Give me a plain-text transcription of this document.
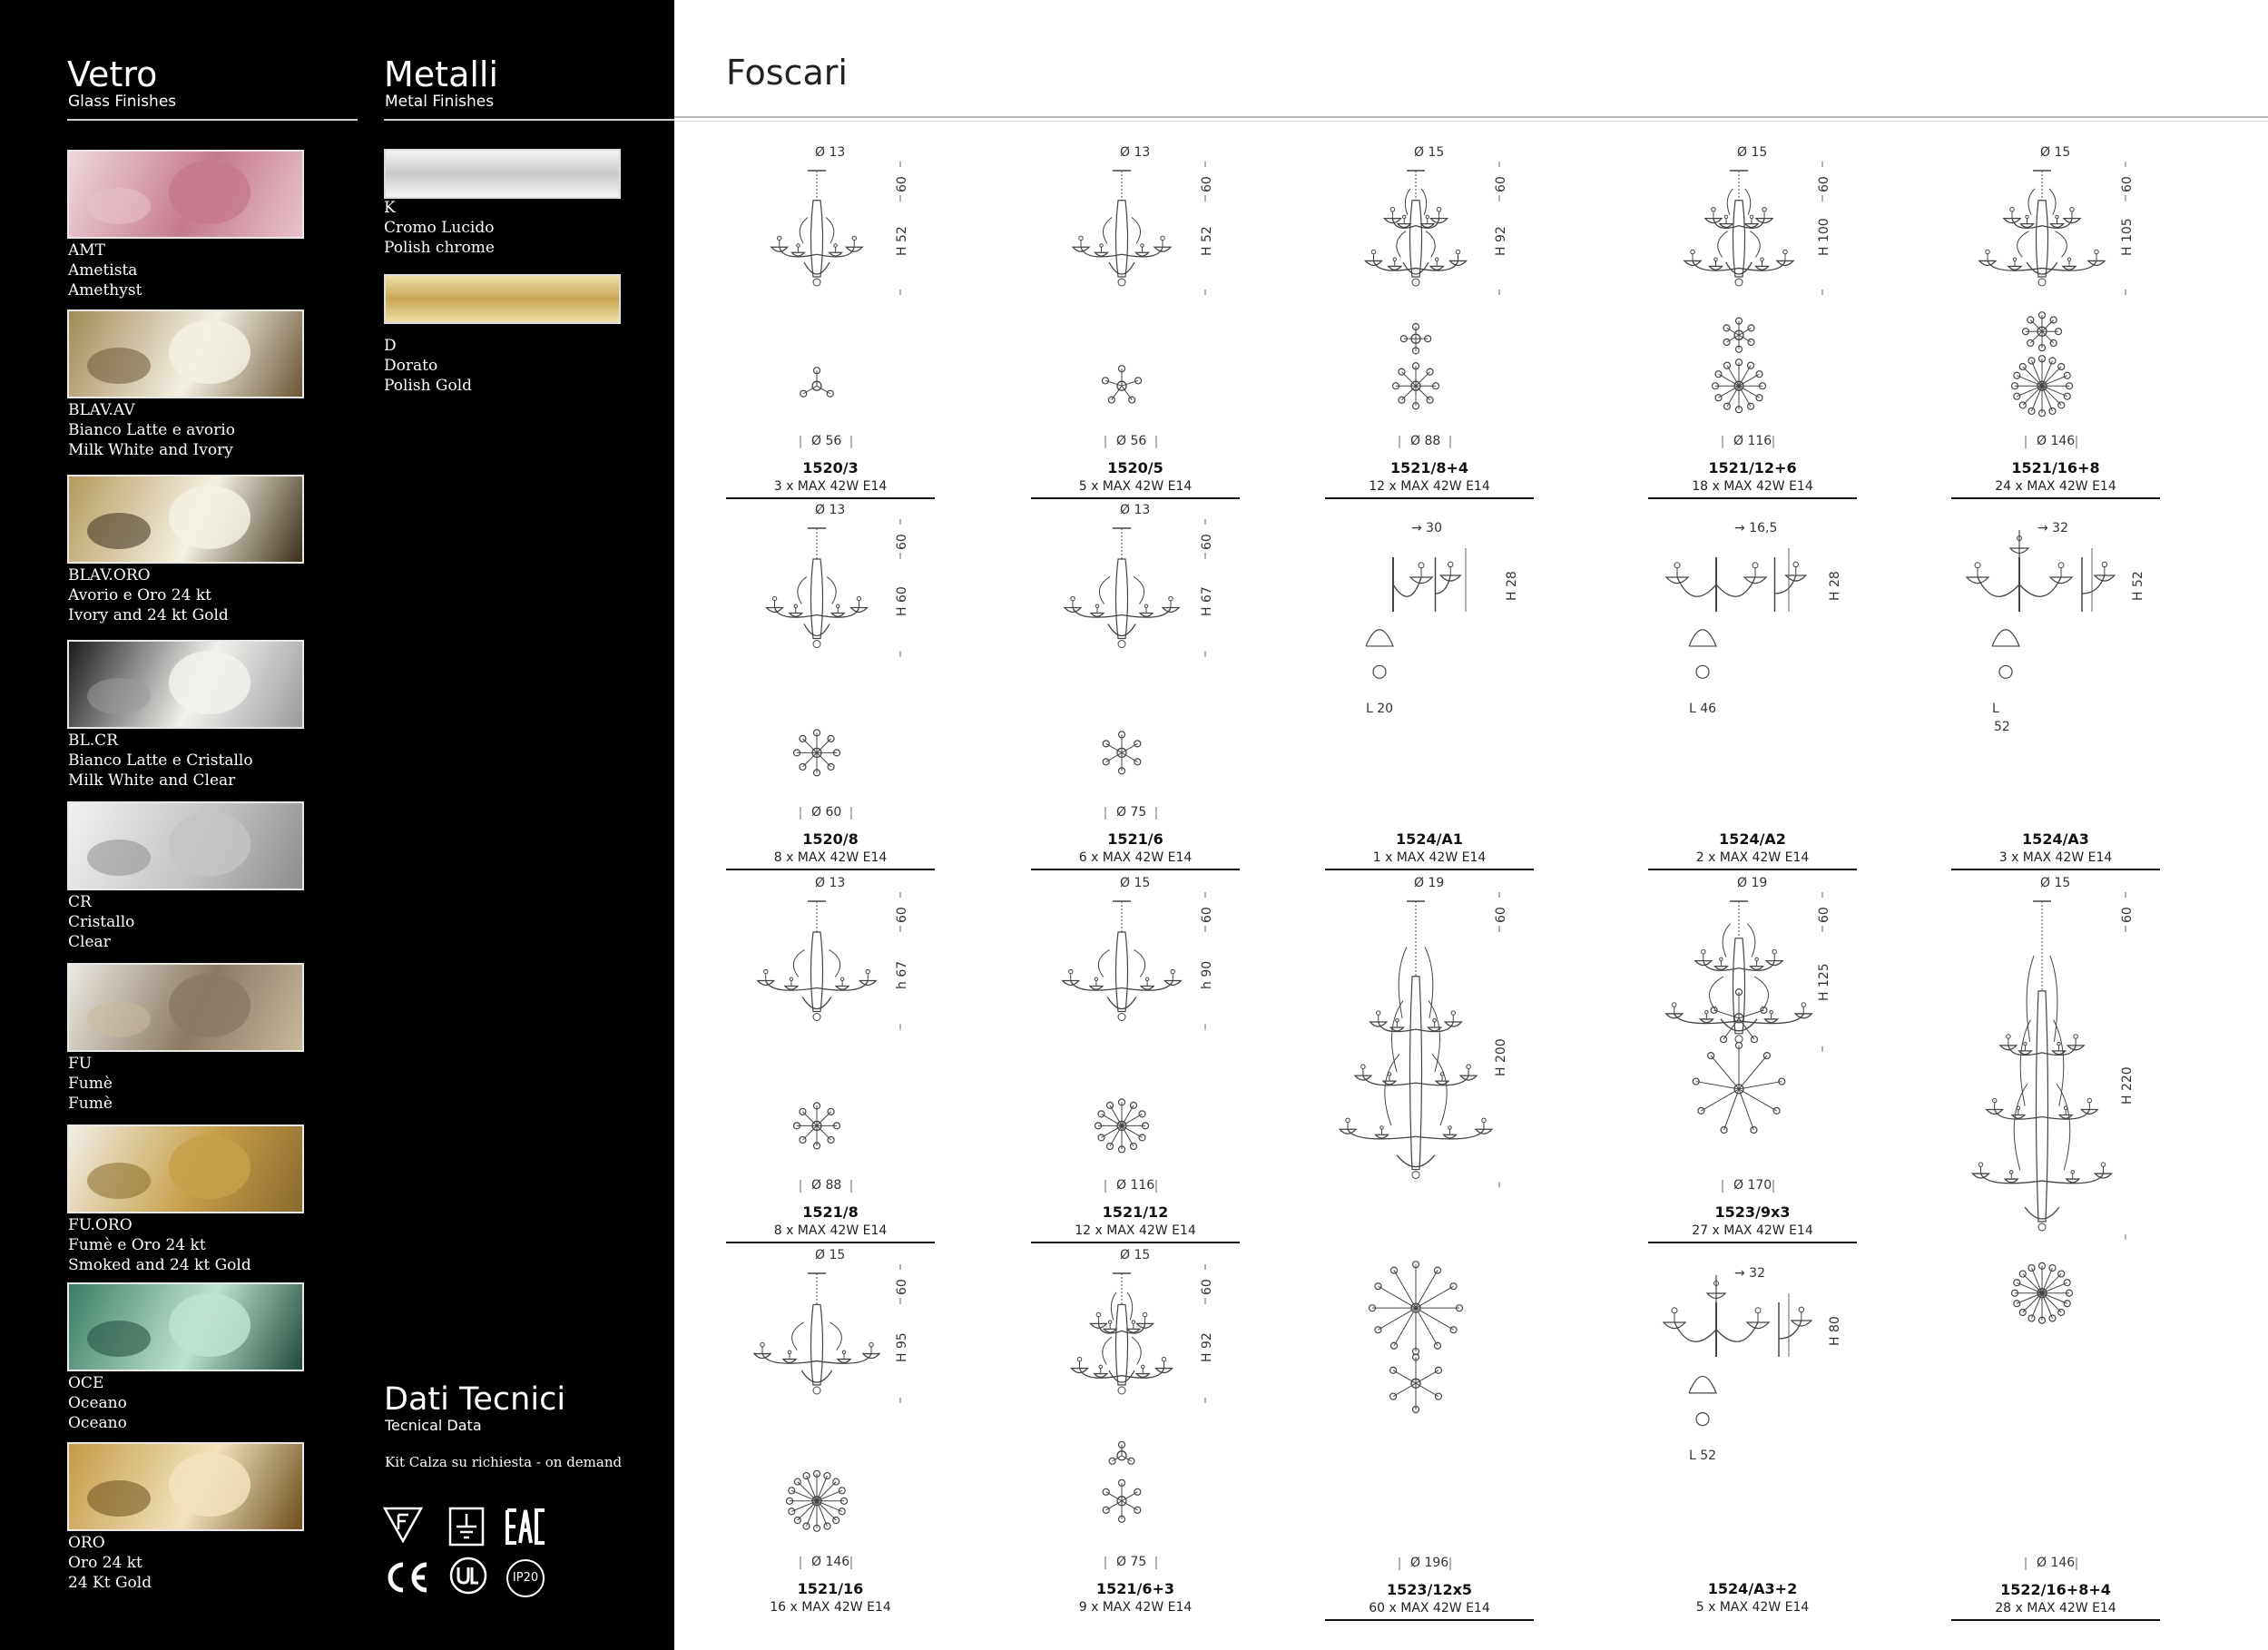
Vetro
Glass Finishes
Metalli
Metal Finishes
AMT
Ametista
Amethyst
BLAV.AV
Bianco Latte e avorio
Milk White and Ivory
BLAV.ORO
Avorio e Oro 24 kt
Ivory and 24 kt Gold
BL.CR
Bianco Latte e Cristallo
Milk White and Clear
CR
Cristallo
Clear
FU
Fumè
Fumè
FU.ORO
Fumè e Oro 24 kt
Smoked and 24 kt Gold
OCE
Oceano
Oceano
ORO
Oro 24 kt
24 Kt Gold
K
Cromo Lucido
Polish chrome
D
Dorato
Polish Gold
Dati Tecnici
Tecnical Data
Kit Calza su richiesta - on demand
IP20
Foscari
Ø 13
60
H 52
Ø 56
1520/3
3 x MAX 42W E14
Ø 13
60
H 52
Ø 56
1520/5
5 x MAX 42W E14
Ø 15
60
H 92
Ø 88
1521/8+4
12 x MAX 42W E14
Ø 15
60
H 100
Ø 116
1521/12+6
18 x MAX 42W E14
Ø 15
60
H 105
Ø 146
1521/16+8
24 x MAX 42W E14
Ø 13
60
H 60
Ø 60
1520/8
8 x MAX 42W E14
Ø 13
60
H 67
Ø 75
1521/6
6 x MAX 42W E14
→ 30
H 28
L 20
1524/A1
1 x MAX 42W E14
→ 16,5
H 28
L 46
1524/A2
2 x MAX 42W E14
→ 32
H 52
L
52
1524/A3
3 x MAX 42W E14
Ø 13
60
h 67
Ø 88
1521/8
8 x MAX 42W E14
Ø 15
60
h 90
Ø 116
1521/12
12 x MAX 42W E14
Ø 19
60
H 200
Ø 196
1523/12x5
60 x MAX 42W E14
Ø 19
60
H 125
Ø 170
1523/9x3
27 x MAX 42W E14
Ø 15
60
H 220
Ø 146
1522/16+8+4
28 x MAX 42W E14
Ø 15
60
H 95
Ø 146
1521/16
16 x MAX 42W E14
Ø 15
60
H 92
Ø 75
1521/6+3
9 x MAX 42W E14
→ 32
H 80
L 52
1524/A3+2
5 x MAX 42W E14
